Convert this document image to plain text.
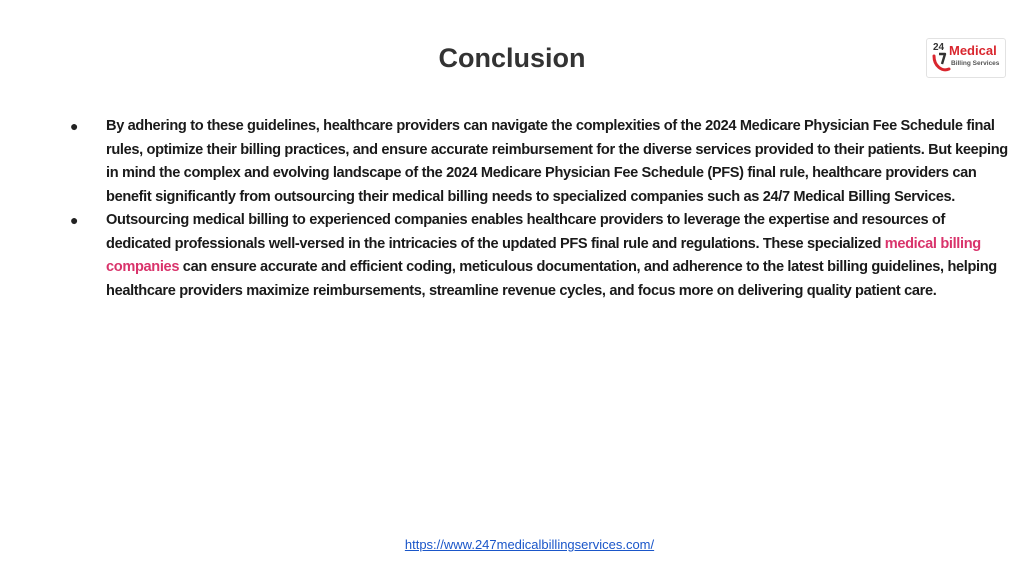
Conclusion	24 Medical
Billing Services
● By adhering to these guidelines, healthcare providers can navigate the complexities of the 2024 Medicare Physician Fee Schedule final rules, optimize their billing practices, and ensure accurate reimbursement for the diverse services provided to their patients. But keeping in mind the complex and evolving landscape of the 2024 Medicare Physician Fee Schedule (PFS) final rule, healthcare providers can benefit significantly from outsourcing their medical billing needs to specialized companies such as 24/7 Medical Billing Services.
● Outsourcing medical billing to experienced companies enables healthcare providers to leverage the expertise and resources of dedicated professionals well-versed in the intricacies of the updated PFS final rule and regulations. These specialized medical billing companies can ensure accurate and efficient coding, meticulous documentation, and adherence to the latest billing guidelines, helping healthcare providers maximize reimbursements, streamline revenue cycles, and focus more on delivering quality patient care.
https://www.247medicalbillingservices.com/
